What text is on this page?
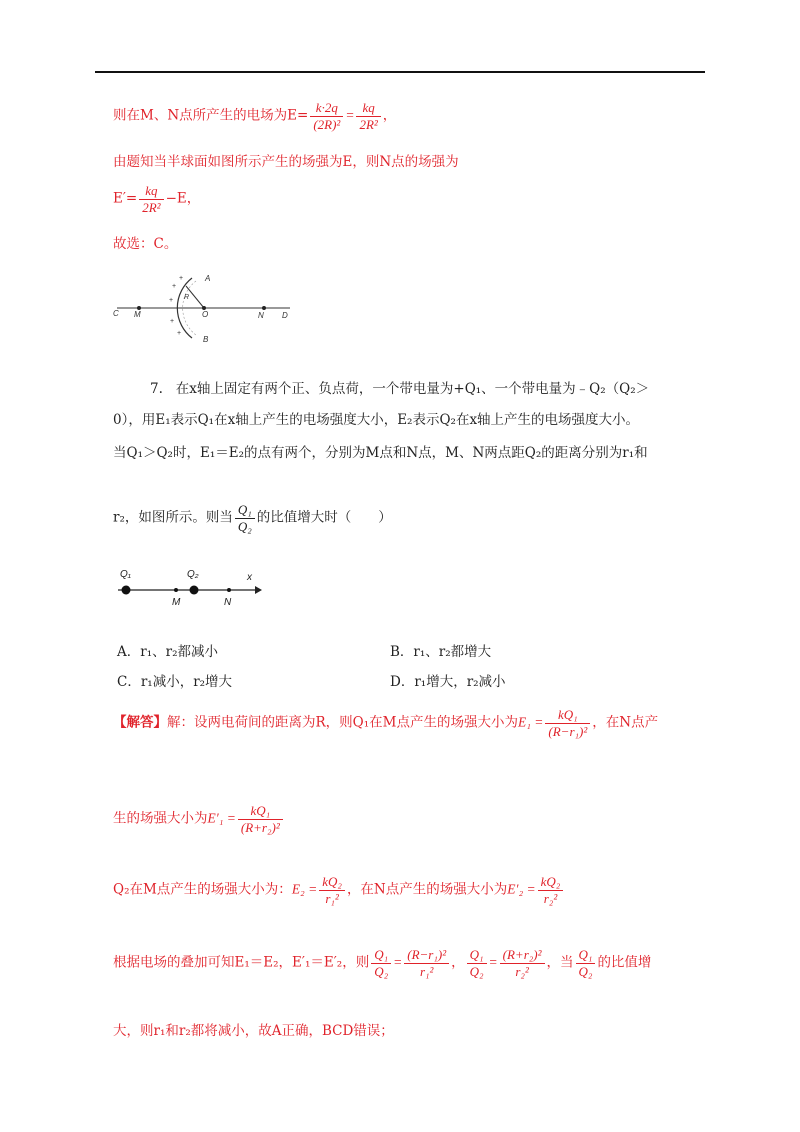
则在M、N点所产生的电场为$E= \frac{k\cdot 2q}{\text{(2R)²}} = \frac{kq}{\text{2R²}}$ ，
由题知当半球面如图所示产生的场强为E，则N点的场强为
$E'= \frac{kq}{\text{2R²}} -E$，
故选：C。
+
+
+
+
+
C M	O	N D
A
B
R
7. 在x轴上固定有两个正、负点荷，一个带电量为+Q₁、一个带电量为﹣Q₂（Q₂＞
0），用E₁表示Q₁在x轴上产生的电场强度大小，E₂表示Q₂在x轴上产生的电场强度大小。
当Q₁＞Q₂时，E₁＝E₂的点有两个，分别为M点和N点，M、N两点距Q₂的距离分别为r₁和
r₂，如图所示。则当 $\frac{\text{Q₁}}{\text{Q₂}}$ 的比值增大时（　　）
Q₁	Q₂	x
M	N
A．r₁、r₂都减小	B．r₁、r₂都增大
C．r₁减小，r₂增大	D．r₁增大，r₂减小
【解答】解：设两电荷间的距离为R，则Q₁在M点产生的场强大小为$E_1 = \frac{\text{kQ₁}}{\text{(R−r₁)²}}$ ，在N点产
生的场强大小为$E'_1 = \frac{\text{kQ₁}}{\text{(R+r₂)²}}$
Q₂在M点产生的场强大小为：$E_2 = \frac{\text{kQ₂}}{\text{r₁²}}$ ，在N点产生的场强大小为$E'_2 = \frac{\text{kQ₂}}{\text{r₂²}}$
根据电场的叠加可知E₁＝E₂，E′₁＝E′₂，则 $\frac{\text{Q₁}}{\text{Q₂}} = \frac{\text{(R−r₁)²}}{\text{r₁²}}$ ， $\frac{\text{Q₁}}{\text{Q₂}} = \frac{\text{(R+r₂)²}}{\text{r₂²}}$ ，当 $\frac{\text{Q₁}}{\text{Q₂}}$ 的比值增
大，则r₁和r₂都将减小，故A正确，BCD错误；
